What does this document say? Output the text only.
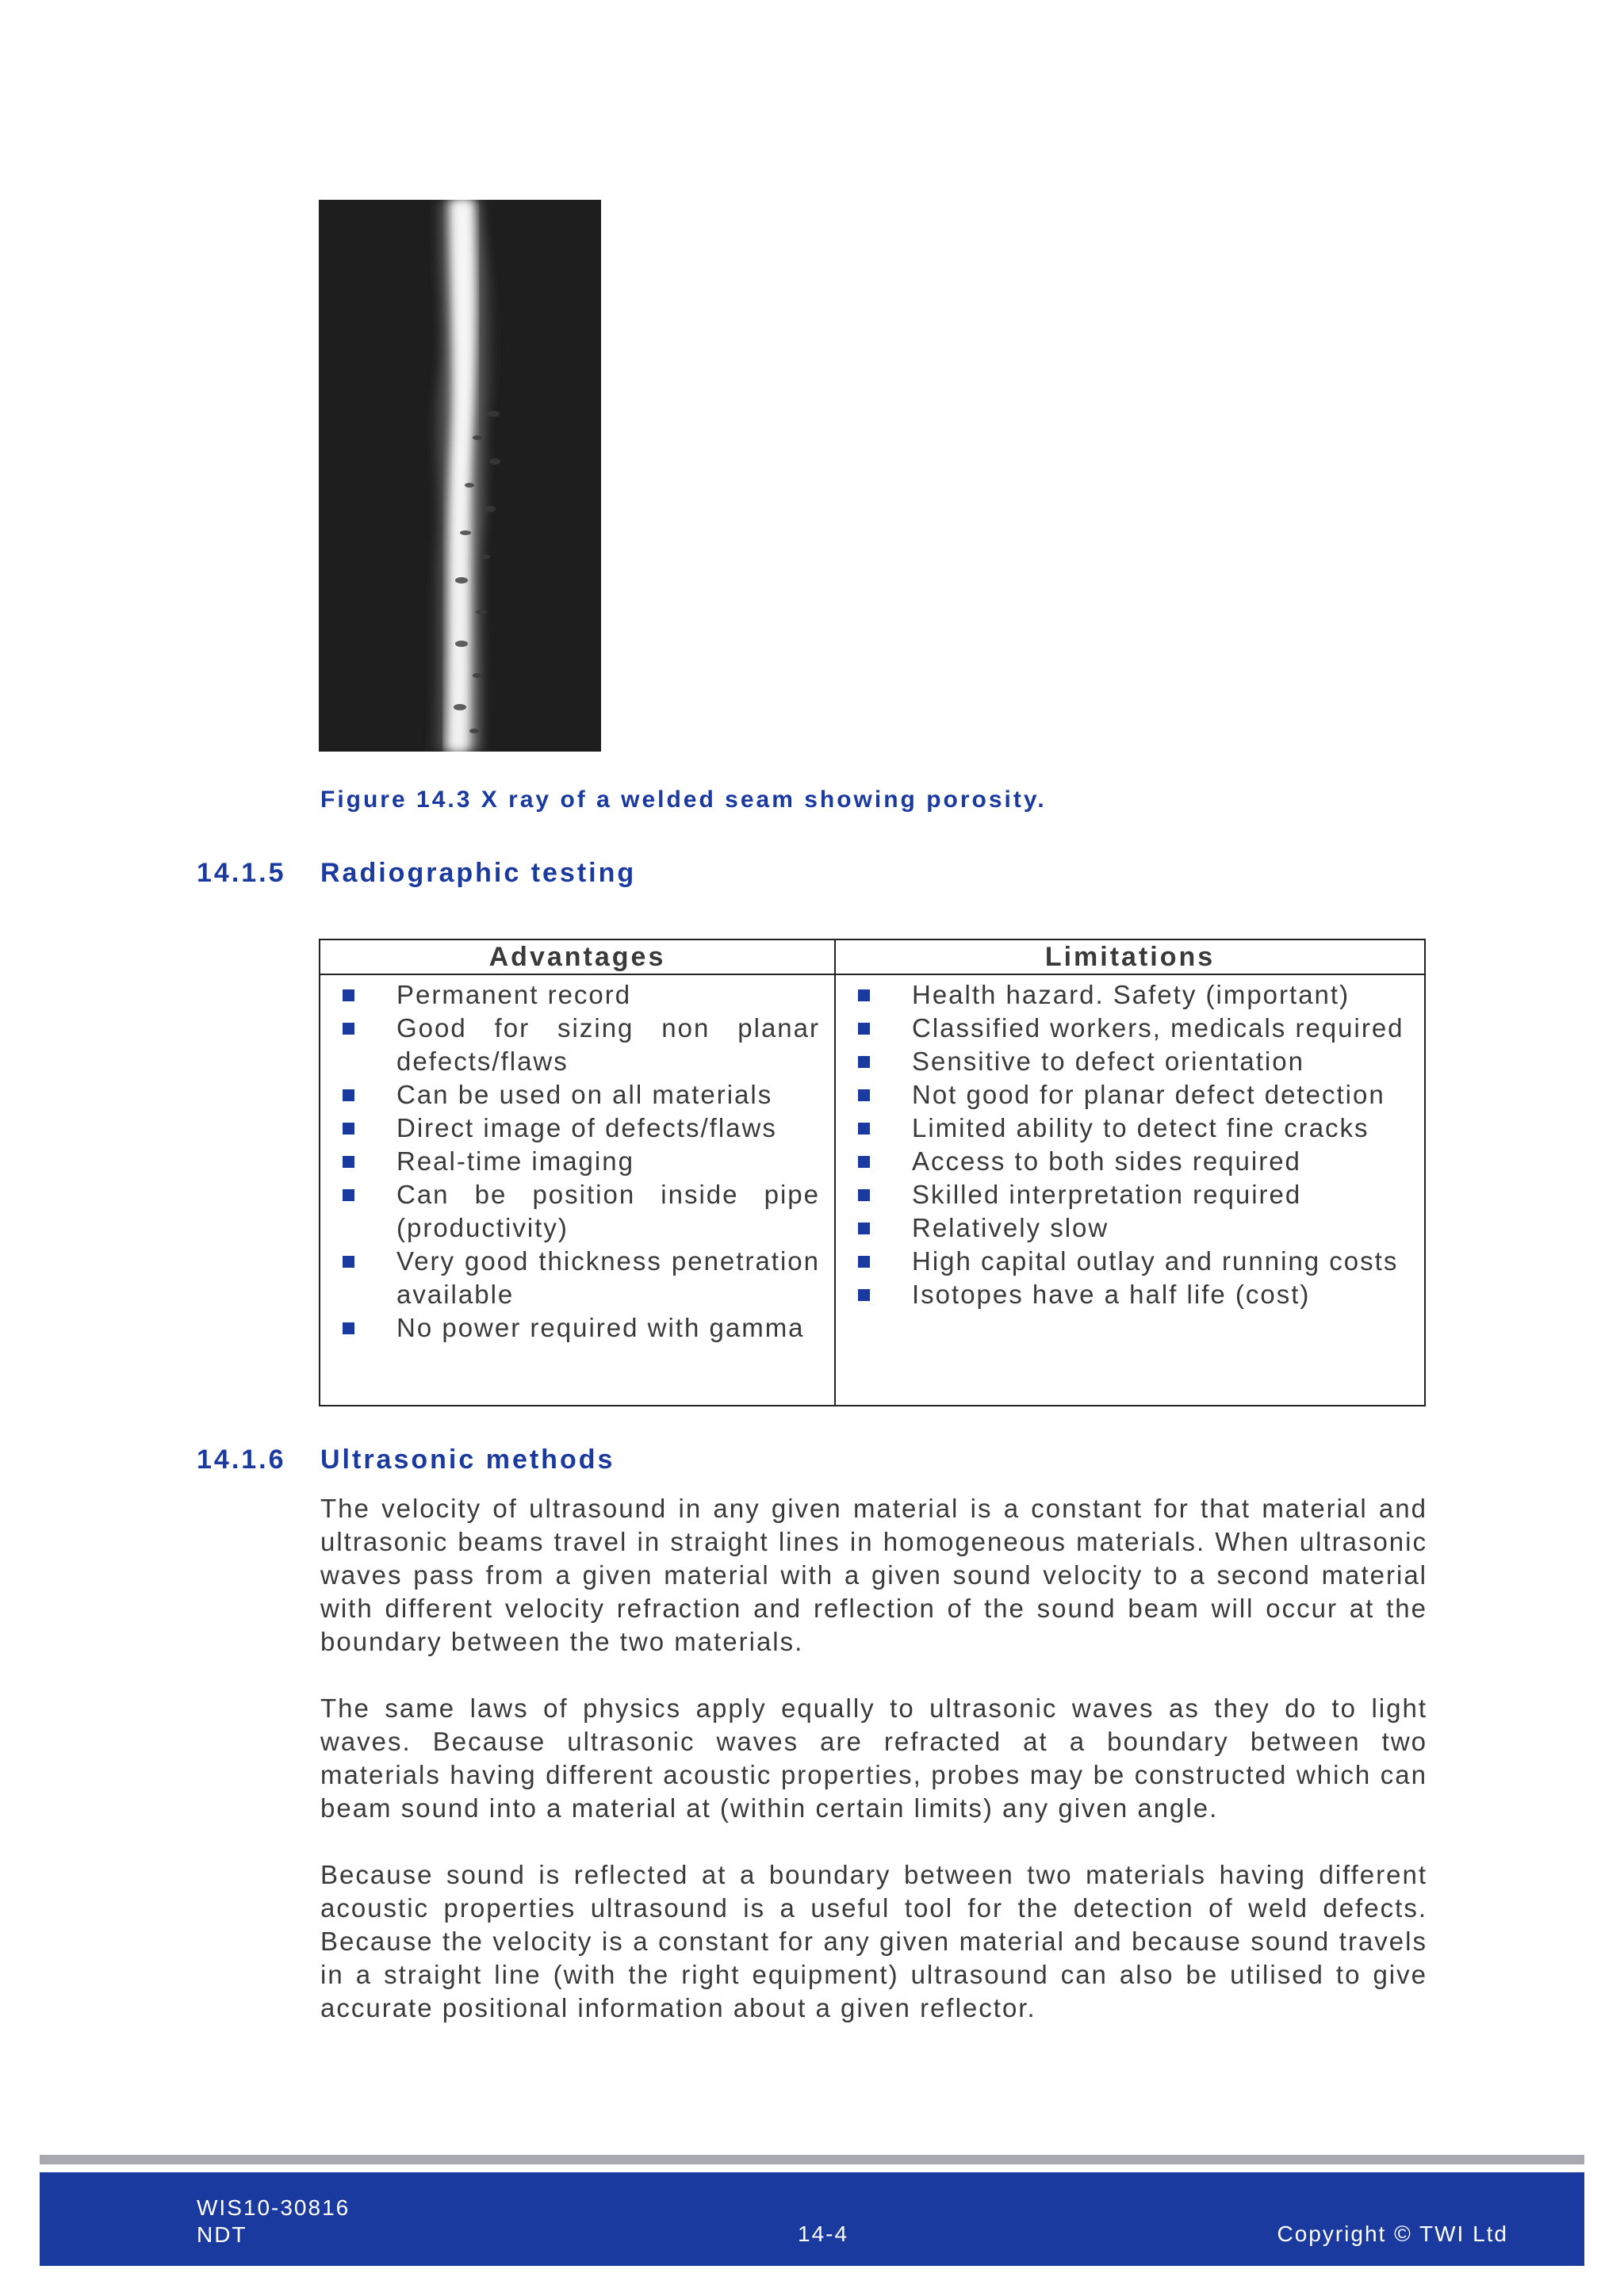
Figure 14.3 X ray of a welded seam showing porosity.
14.1.5 Radiographic testing
Advantages
Permanent record
Good for sizing non planar defects/flaws
Can be used on all materials
Direct image of defects/flaws
Real-time imaging
Can be position inside pipe (productivity)
Very good thickness penetration available
No power required with gamma
Limitations
Health hazard. Safety (important)
Classified workers, medicals required
Sensitive to defect orientation
Not good for planar defect detection
Limited ability to detect fine cracks
Access to both sides required
Skilled interpretation required
Relatively slow
High capital outlay and running costs
Isotopes have a half life (cost)
14.1.6 Ultrasonic methods

The velocity of ultrasound in any given material is a constant for that material and ultrasonic beams travel in straight lines in homogeneous materials. When ultrasonic waves pass from a given material with a given sound velocity to a second material with different velocity refraction and reflection of the sound beam will occur at the boundary between the two materials.

The same laws of physics apply equally to ultrasonic waves as they do to light waves. Because ultrasonic waves are refracted at a boundary between two materials having different acoustic properties, probes may be constructed which can beam sound into a material at (within certain limits) any given angle.

Because sound is reflected at a boundary between two materials having different acoustic properties ultrasound is a useful tool for the detection of weld defects. Because the velocity is a constant for any given material and because sound travels in a straight line (with the right equipment) ultrasound can also be utilised to give accurate positional information about a given reflector.

WIS10-30816
NDT	14-4	Copyright © TWI Ltd
